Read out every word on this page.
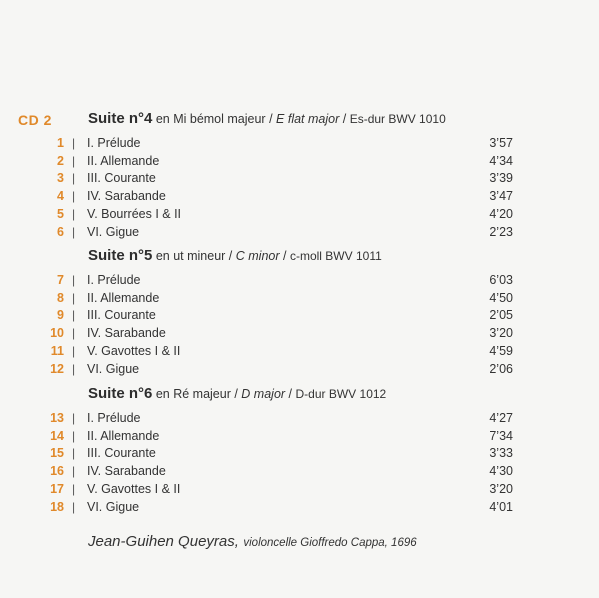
CD 2 Suite n°4 en Mi bémol majeur / E flat major / Es-dur BWV 1010
1 | I. Prélude	3’57
2 | II. Allemande	4’34
3 | III. Courante	3’39
4 | IV. Sarabande	3’47
5 | V. Bourrées I & II	4’20
6 | VI. Gigue	2’23
Suite n°5 en ut mineur / C minor / c-moll BWV 1011
7 | I. Prélude	6’03
8 | II. Allemande	4’50
9 | III. Courante	2’05
10 | IV. Sarabande	3’20
11 | V. Gavottes I & II	4’59
12 | VI. Gigue	2’06
Suite n°6 en Ré majeur / D major / D-dur BWV 1012
13 | I. Prélude	4’27
14 | II. Allemande	7’34
15 | III. Courante	3’33
16 | IV. Sarabande	4’30
17 | V. Gavottes I & II	3’20
18 | VI. Gigue	4’01
Jean-Guihen Queyras, violoncelle Gioffredo Cappa, 1696
